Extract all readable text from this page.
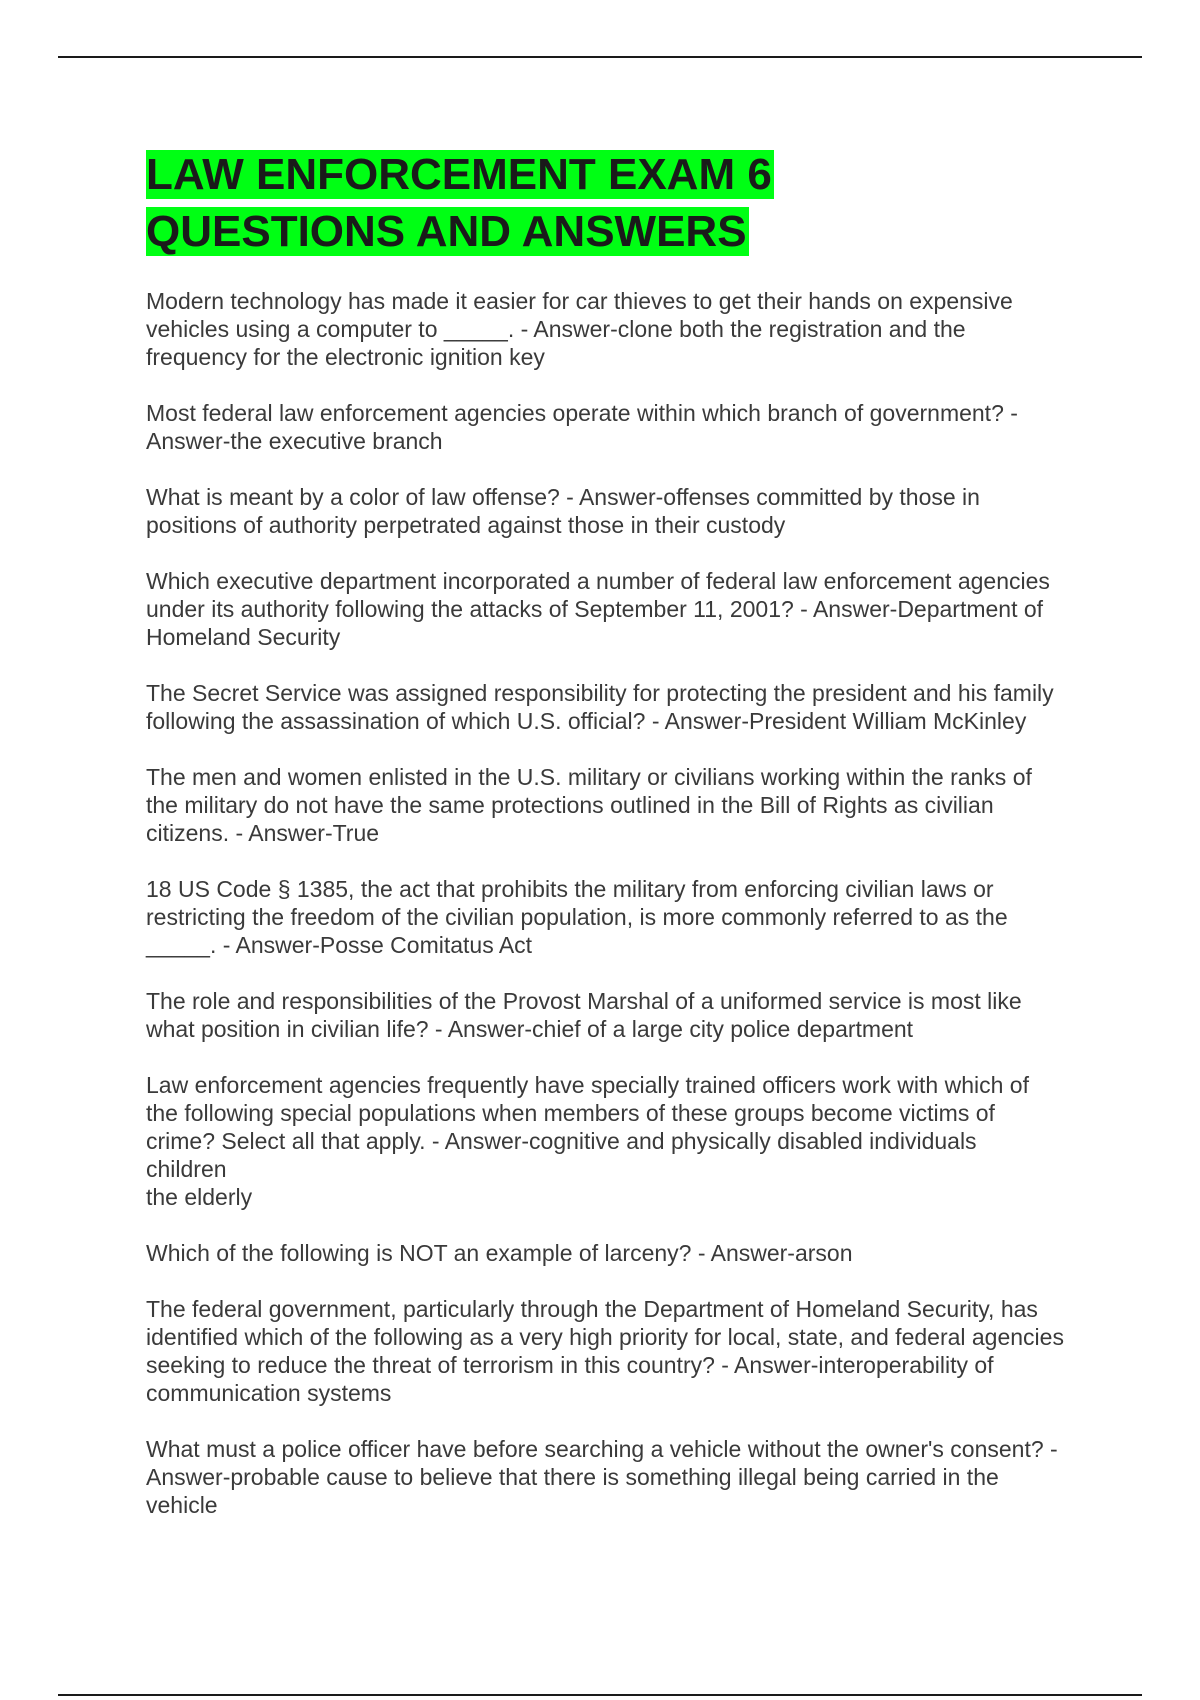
LAW ENFORCEMENT EXAM 6
QUESTIONS AND ANSWERS

Modern technology has made it easier for car thieves to get their hands on expensive vehicles using a computer to _____. - Answer-clone both the registration and the frequency for the electronic ignition key

Most federal law enforcement agencies operate within which branch of government? - Answer-the executive branch

What is meant by a color of law offense? - Answer-offenses committed by those in positions of authority perpetrated against those in their custody

Which executive department incorporated a number of federal law enforcement agencies under its authority following the attacks of September 11, 2001? - Answer-Department of Homeland Security

The Secret Service was assigned responsibility for protecting the president and his family following the assassination of which U.S. official? - Answer-President William McKinley

The men and women enlisted in the U.S. military or civilians working within the ranks of the military do not have the same protections outlined in the Bill of Rights as civilian citizens. - Answer-True

18 US Code § 1385, the act that prohibits the military from enforcing civilian laws or restricting the freedom of the civilian population, is more commonly referred to as the _____. - Answer-Posse Comitatus Act

The role and responsibilities of the Provost Marshal of a uniformed service is most like what position in civilian life? - Answer-chief of a large city police department

Law enforcement agencies frequently have specially trained officers work with which of the following special populations when members of these groups become victims of crime? Select all that apply. - Answer-cognitive and physically disabled individuals
children
the elderly

Which of the following is NOT an example of larceny? - Answer-arson

The federal government, particularly through the Department of Homeland Security, has identified which of the following as a very high priority for local, state, and federal agencies seeking to reduce the threat of terrorism in this country? - Answer-interoperability of communication systems

What must a police officer have before searching a vehicle without the owner's consent? - Answer-probable cause to believe that there is something illegal being carried in the vehicle
